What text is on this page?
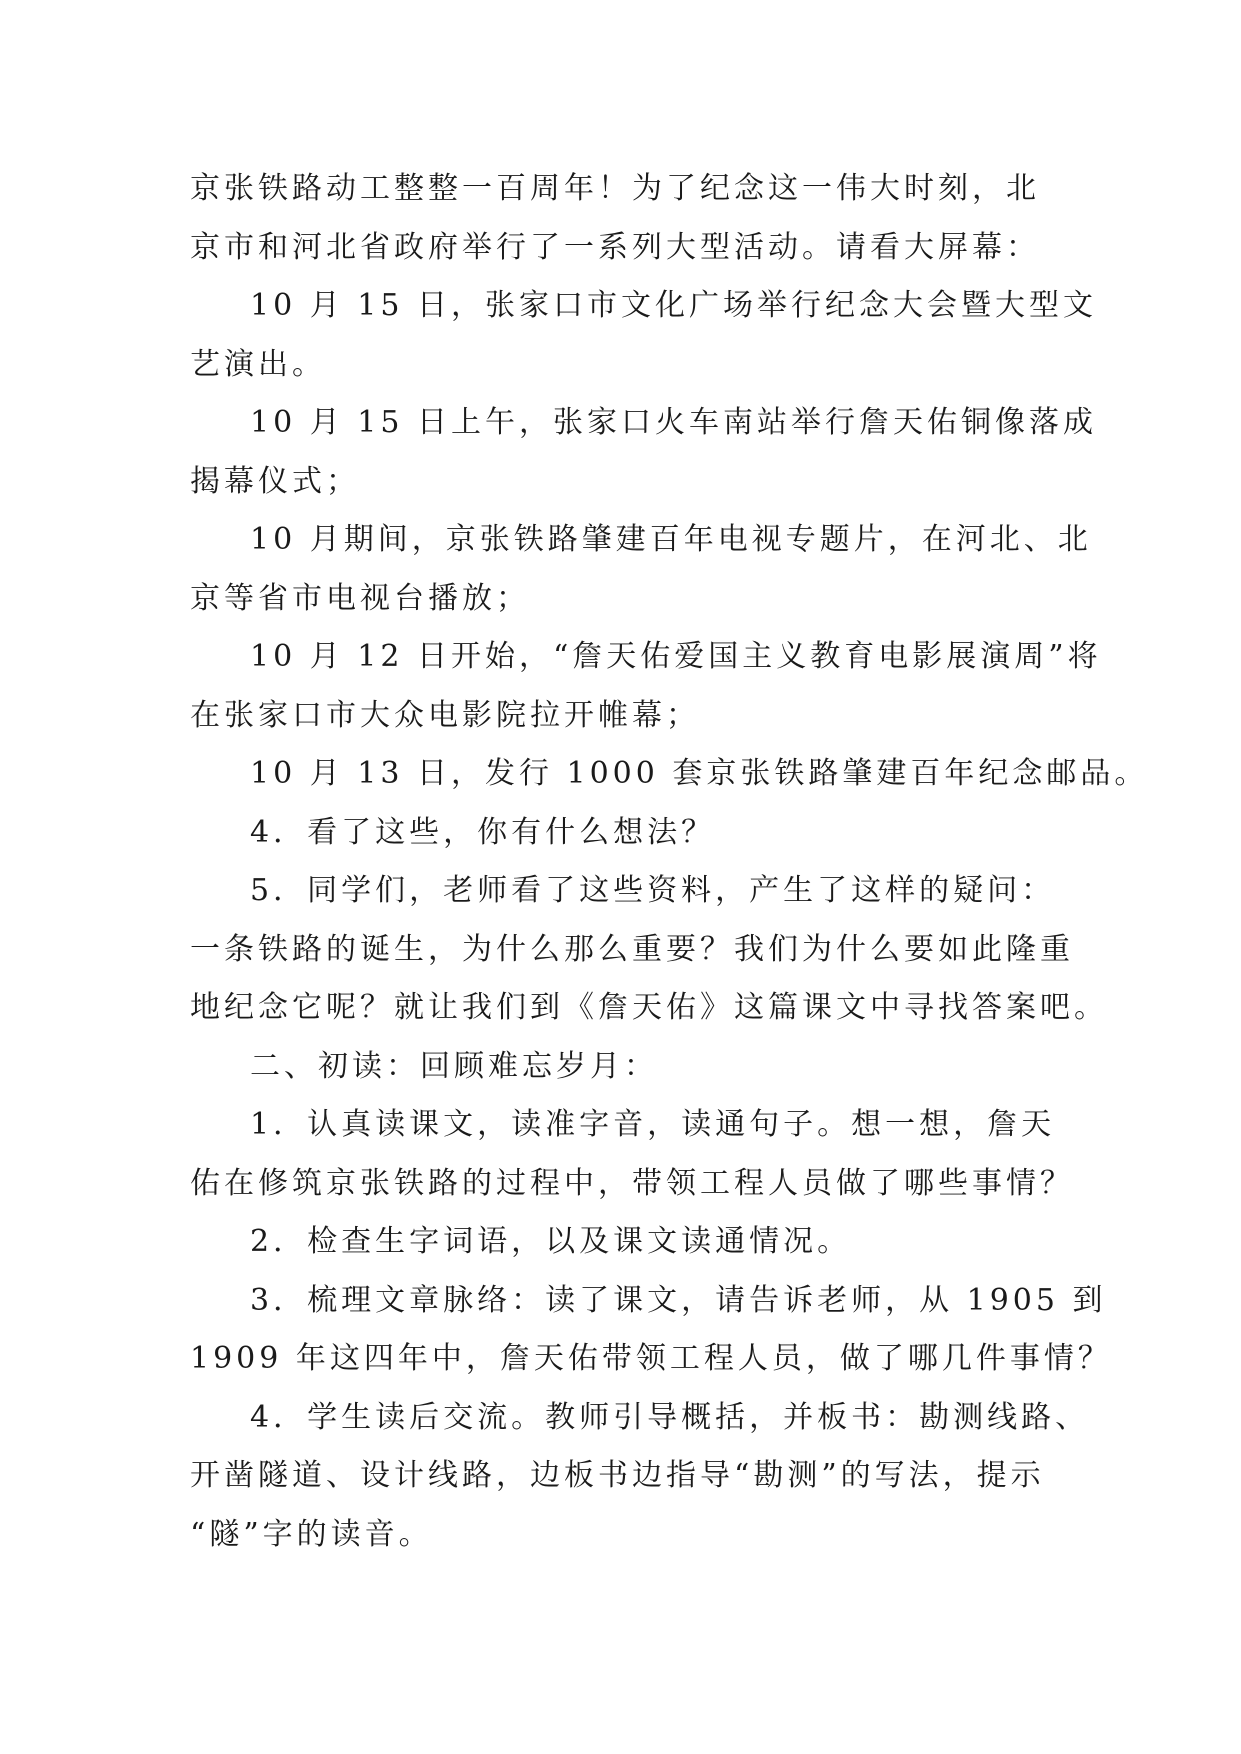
京张铁路动工整整一百周年！为了纪念这一伟大时刻，北
京市和河北省政府举行了一系列大型活动。请看大屏幕：
10 月 15 日，张家口市文化广场举行纪念大会暨大型文
艺演出。
10 月 15 日上午，张家口火车南站举行詹天佑铜像落成
揭幕仪式；
10 月期间，京张铁路肇建百年电视专题片，在河北、北
京等省市电视台播放；
10 月 12 日开始，“詹天佑爱国主义教育电影展演周”将
在张家口市大众电影院拉开帷幕；
10 月 13 日，发行 1000 套京张铁路肇建百年纪念邮品。
4．看了这些，你有什么想法？
5．同学们，老师看了这些资料，产生了这样的疑问：
一条铁路的诞生，为什么那么重要？我们为什么要如此隆重
地纪念它呢？就让我们到《詹天佑》这篇课文中寻找答案吧。
二、初读：回顾难忘岁月：
1．认真读课文，读准字音，读通句子。想一想，詹天
佑在修筑京张铁路的过程中，带领工程人员做了哪些事情？
2．检查生字词语，以及课文读通情况。
3．梳理文章脉络：读了课文，请告诉老师，从 1905 到
1909 年这四年中，詹天佑带领工程人员，做了哪几件事情？
4．学生读后交流。教师引导概括，并板书：勘测线路、
开凿隧道、设计线路，边板书边指导“勘测”的写法，提示
“隧”字的读音。
